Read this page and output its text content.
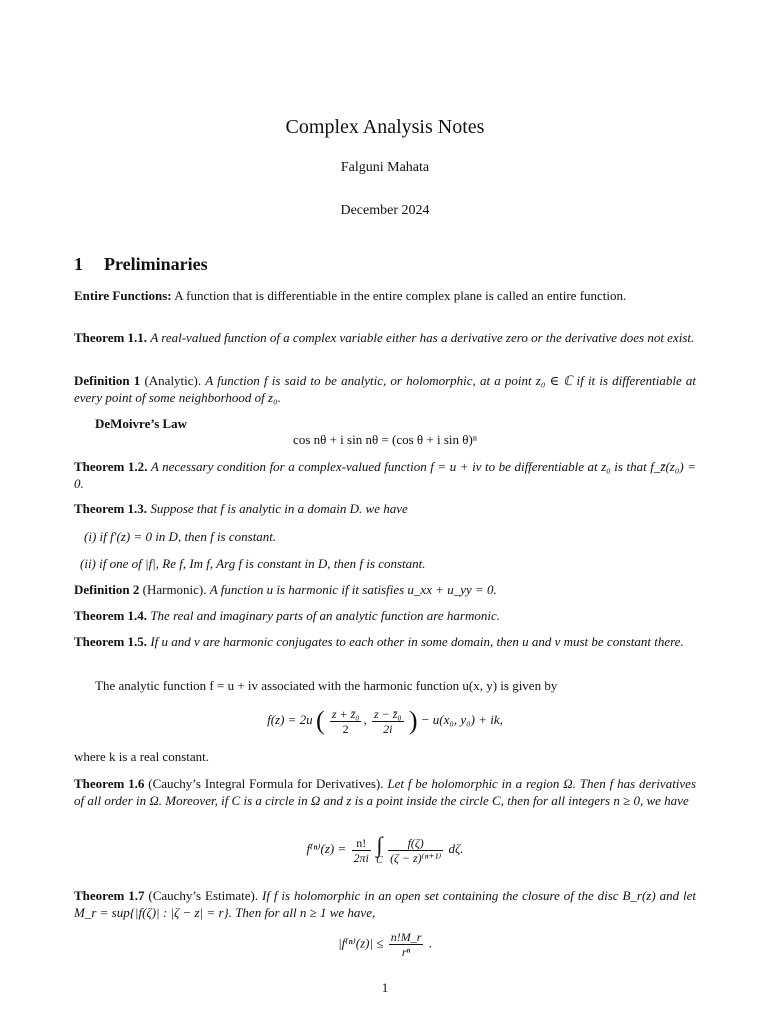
Complex Analysis Notes
Falguni Mahata
December 2024
1 Preliminaries
Entire Functions: A function that is differentiable in the entire complex plane is called an entire function.
Theorem 1.1. A real-valued function of a complex variable either has a derivative zero or the derivative does not exist.
Definition 1 (Analytic). A function f is said to be analytic, or holomorphic, at a point z₀ ∈ ℂ if it is differentiable at every point of some neighborhood of z₀.
DeMoivre’s Law
cos nθ + i sin nθ = (cos θ + i sin θ)ⁿ
Theorem 1.2. A necessary condition for a complex-valued function f = u + iv to be differentiable at z₀ is that f_z̄(z₀) = 0.
Theorem 1.3. Suppose that f is analytic in a domain D. we have
(i) if f′(z) = 0 in D, then f is constant.
(ii) if one of |f|, Re f, Im f, Arg f is constant in D, then f is constant.
Definition 2 (Harmonic). A function u is harmonic if it satisfies u_xx + u_yy = 0.
Theorem 1.4. The real and imaginary parts of an analytic function are harmonic.
Theorem 1.5. If u and v are harmonic conjugates to each other in some domain, then u and v must be constant there.
The analytic function f = u + iv associated with the harmonic function u(x, y) is given by
f(z) = 2u ( $\frac{\text{z + z̄₀}}{2}$ , $\frac{\text{z − z̄₀}}{2i}$ ) − u(x₀, y₀) + ik,
where k is a real constant.
Theorem 1.6 (Cauchy’s Integral Formula for Derivatives). Let f be holomorphic in a region Ω. Then f has derivatives of all order in Ω. Moreover, if C is a circle in Ω and z is a point inside the circle C, then for all integers n ≥ 0, we have
$f^{(n)}(z) = \frac{n!}{2\pi i}$ ∫
C
$\frac{f(\zeta)}{\text{(ζ − z)⁽ⁿ⁺¹⁾}} d\zeta$.
Theorem 1.7 (Cauchy’s Estimate). If f is holomorphic in an open set containing the closure of the disc B_r(z) and let M_r = sup{|f(ζ)| : |ζ − z| = r}. Then for all n ≥ 1 we have,
$|f^{(n)}(z)| \le \frac{n!M\_r}{\text{rⁿ}}$ .
1
